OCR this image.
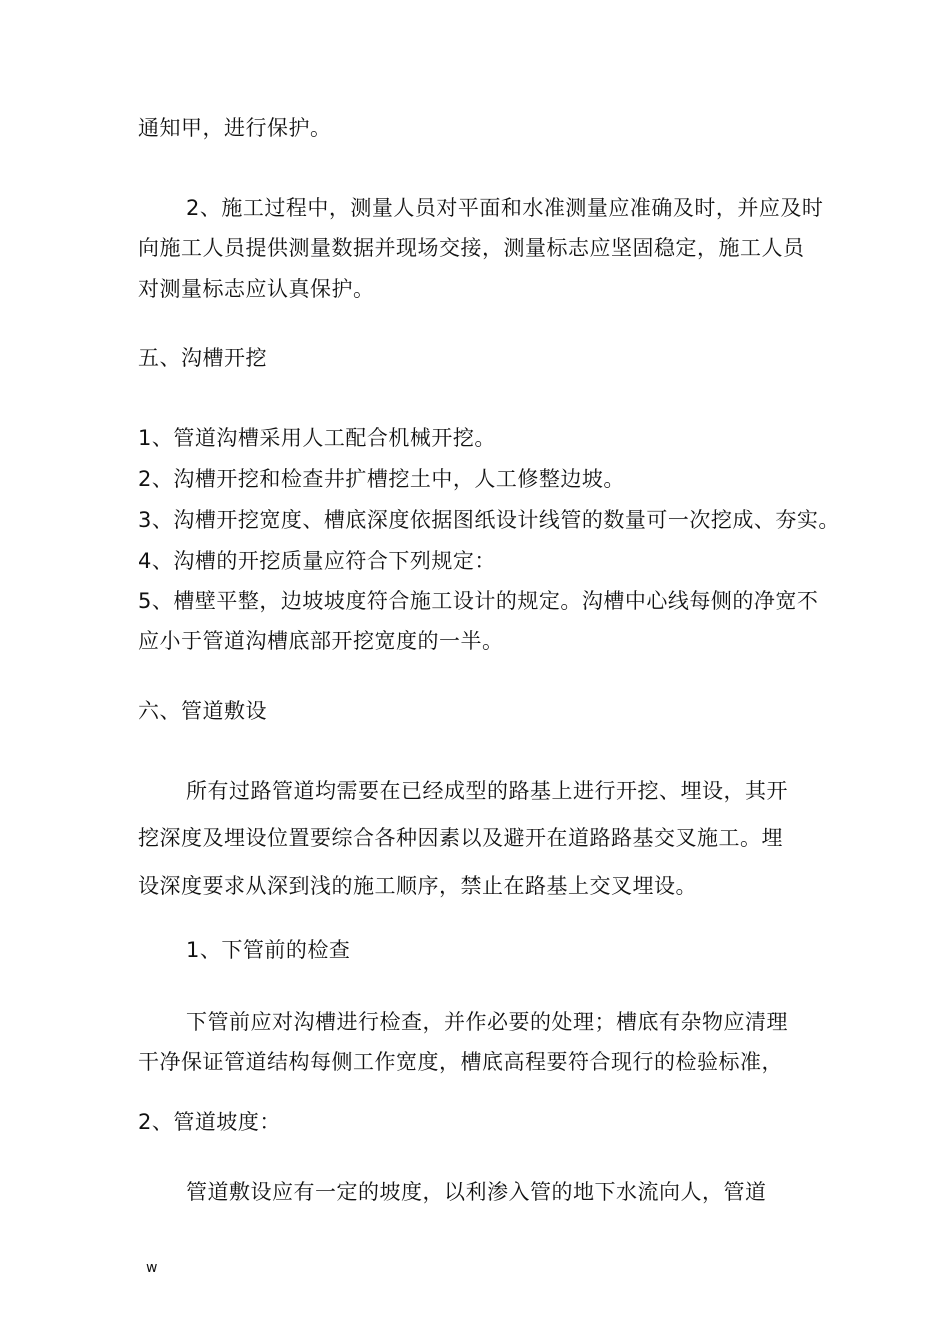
通知甲，进行保护。
2、施工过程中，测量人员对平面和水准测量应准确及时，并应及时
向施工人员提供测量数据并现场交接，测量标志应坚固稳定，施工人员
对测量标志应认真保护。
五、沟槽开挖
1、管道沟槽采用人工配合机械开挖。
2、沟槽开挖和检查井扩槽挖土中，人工修整边坡。
3、沟槽开挖宽度、槽底深度依据图纸设计线管的数量可一次挖成、夯实。
4、沟槽的开挖质量应符合下列规定：
5、槽壁平整，边坡坡度符合施工设计的规定。沟槽中心线每侧的净宽不
应小于管道沟槽底部开挖宽度的一半。
六、管道敷设
所有过路管道均需要在已经成型的路基上进行开挖、埋设，其开
挖深度及埋设位置要综合各种因素以及避开在道路路基交叉施工。埋
设深度要求从深到浅的施工顺序，禁止在路基上交叉埋设。
1、下管前的检查
下管前应对沟槽进行检查，并作必要的处理；槽底有杂物应清理
干净保证管道结构每侧工作宽度，槽底高程要符合现行的检验标准，
2、管道坡度：
管道敷设应有一定的坡度，以利渗入管的地下水流向人，管道
w
